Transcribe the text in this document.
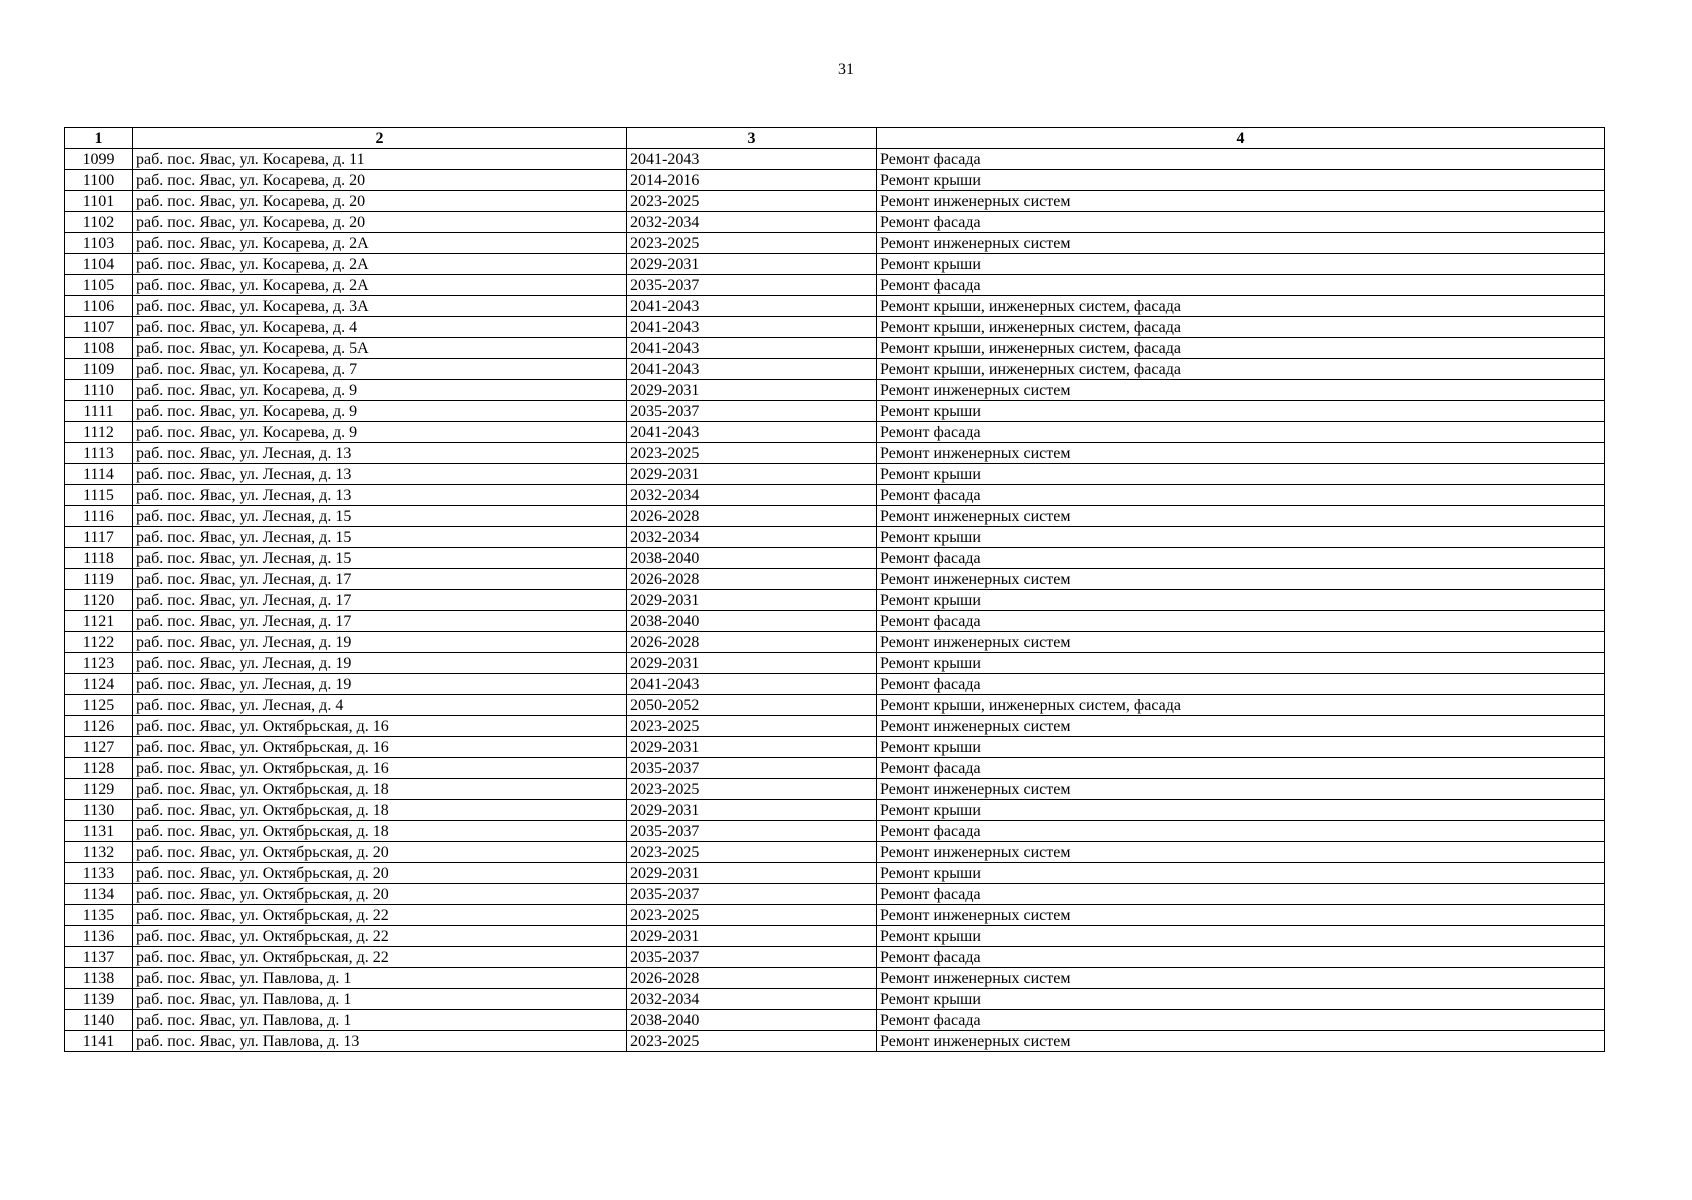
31
1	2	3	4
1099	раб. пос. Явас, ул. Косарева, д. 11	2041-2043	Ремонт фасада
1100	раб. пос. Явас, ул. Косарева, д. 20	2014-2016	Ремонт крыши
1101	раб. пос. Явас, ул. Косарева, д. 20	2023-2025	Ремонт инженерных систем
1102	раб. пос. Явас, ул. Косарева, д. 20	2032-2034	Ремонт фасада
1103	раб. пос. Явас, ул. Косарева, д. 2А	2023-2025	Ремонт инженерных систем
1104	раб. пос. Явас, ул. Косарева, д. 2А	2029-2031	Ремонт крыши
1105	раб. пос. Явас, ул. Косарева, д. 2А	2035-2037	Ремонт фасада
1106	раб. пос. Явас, ул. Косарева, д. 3А	2041-2043	Ремонт крыши, инженерных систем, фасада
1107	раб. пос. Явас, ул. Косарева, д. 4	2041-2043	Ремонт крыши, инженерных систем, фасада
1108	раб. пос. Явас, ул. Косарева, д. 5А	2041-2043	Ремонт крыши, инженерных систем, фасада
1109	раб. пос. Явас, ул. Косарева, д. 7	2041-2043	Ремонт крыши, инженерных систем, фасада
1110	раб. пос. Явас, ул. Косарева, д. 9	2029-2031	Ремонт инженерных систем
1111	раб. пос. Явас, ул. Косарева, д. 9	2035-2037	Ремонт крыши
1112	раб. пос. Явас, ул. Косарева, д. 9	2041-2043	Ремонт фасада
1113	раб. пос. Явас, ул. Лесная, д. 13	2023-2025	Ремонт инженерных систем
1114	раб. пос. Явас, ул. Лесная, д. 13	2029-2031	Ремонт крыши
1115	раб. пос. Явас, ул. Лесная, д. 13	2032-2034	Ремонт фасада
1116	раб. пос. Явас, ул. Лесная, д. 15	2026-2028	Ремонт инженерных систем
1117	раб. пос. Явас, ул. Лесная, д. 15	2032-2034	Ремонт крыши
1118	раб. пос. Явас, ул. Лесная, д. 15	2038-2040	Ремонт фасада
1119	раб. пос. Явас, ул. Лесная, д. 17	2026-2028	Ремонт инженерных систем
1120	раб. пос. Явас, ул. Лесная, д. 17	2029-2031	Ремонт крыши
1121	раб. пос. Явас, ул. Лесная, д. 17	2038-2040	Ремонт фасада
1122	раб. пос. Явас, ул. Лесная, д. 19	2026-2028	Ремонт инженерных систем
1123	раб. пос. Явас, ул. Лесная, д. 19	2029-2031	Ремонт крыши
1124	раб. пос. Явас, ул. Лесная, д. 19	2041-2043	Ремонт фасада
1125	раб. пос. Явас, ул. Лесная, д. 4	2050-2052	Ремонт крыши, инженерных систем, фасада
1126	раб. пос. Явас, ул. Октябрьская, д. 16	2023-2025	Ремонт инженерных систем
1127	раб. пос. Явас, ул. Октябрьская, д. 16	2029-2031	Ремонт крыши
1128	раб. пос. Явас, ул. Октябрьская, д. 16	2035-2037	Ремонт фасада
1129	раб. пос. Явас, ул. Октябрьская, д. 18	2023-2025	Ремонт инженерных систем
1130	раб. пос. Явас, ул. Октябрьская, д. 18	2029-2031	Ремонт крыши
1131	раб. пос. Явас, ул. Октябрьская, д. 18	2035-2037	Ремонт фасада
1132	раб. пос. Явас, ул. Октябрьская, д. 20	2023-2025	Ремонт инженерных систем
1133	раб. пос. Явас, ул. Октябрьская, д. 20	2029-2031	Ремонт крыши
1134	раб. пос. Явас, ул. Октябрьская, д. 20	2035-2037	Ремонт фасада
1135	раб. пос. Явас, ул. Октябрьская, д. 22	2023-2025	Ремонт инженерных систем
1136	раб. пос. Явас, ул. Октябрьская, д. 22	2029-2031	Ремонт крыши
1137	раб. пос. Явас, ул. Октябрьская, д. 22	2035-2037	Ремонт фасада
1138	раб. пос. Явас, ул. Павлова, д. 1	2026-2028	Ремонт инженерных систем
1139	раб. пос. Явас, ул. Павлова, д. 1	2032-2034	Ремонт крыши
1140	раб. пос. Явас, ул. Павлова, д. 1	2038-2040	Ремонт фасада
1141	раб. пос. Явас, ул. Павлова, д. 13	2023-2025	Ремонт инженерных систем
